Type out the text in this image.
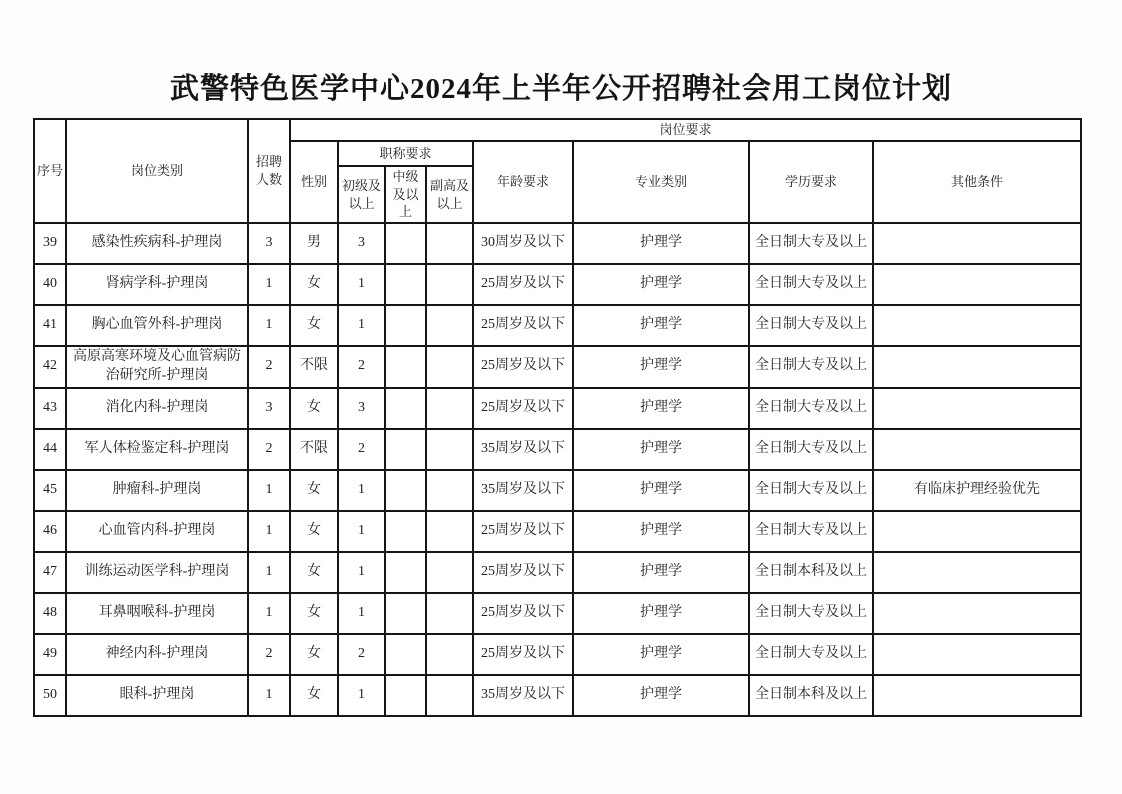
武警特色医学中心2024年上半年公开招聘社会用工岗位计划
序号	岗位类别	招聘人数	岗位要求							
			性别	职称要求			年龄要求	专业类别	学历要求	其他条件
				初级及以上	中级及以上	副高及以上				
39	感染性疾病科-护理岗	3	男	3			30周岁及以下	护理学	全日制大专及以上	
40	肾病学科-护理岗	1	女	1			25周岁及以下	护理学	全日制大专及以上	
41	胸心血管外科-护理岗	1	女	1			25周岁及以下	护理学	全日制大专及以上	
42	高原高寒环境及心血管病防治研究所-护理岗	2	不限	2			25周岁及以下	护理学	全日制大专及以上	
43	消化内科-护理岗	3	女	3			25周岁及以下	护理学	全日制大专及以上	
44	军人体检鉴定科-护理岗	2	不限	2			35周岁及以下	护理学	全日制大专及以上	
45	肿瘤科-护理岗	1	女	1			35周岁及以下	护理学	全日制大专及以上	有临床护理经验优先
46	心血管内科-护理岗	1	女	1			25周岁及以下	护理学	全日制大专及以上	
47	训练运动医学科-护理岗	1	女	1			25周岁及以下	护理学	全日制本科及以上	
48	耳鼻咽喉科-护理岗	1	女	1			25周岁及以下	护理学	全日制大专及以上	
49	神经内科-护理岗	2	女	2			25周岁及以下	护理学	全日制大专及以上	
50	眼科-护理岗	1	女	1			35周岁及以下	护理学	全日制本科及以上	
